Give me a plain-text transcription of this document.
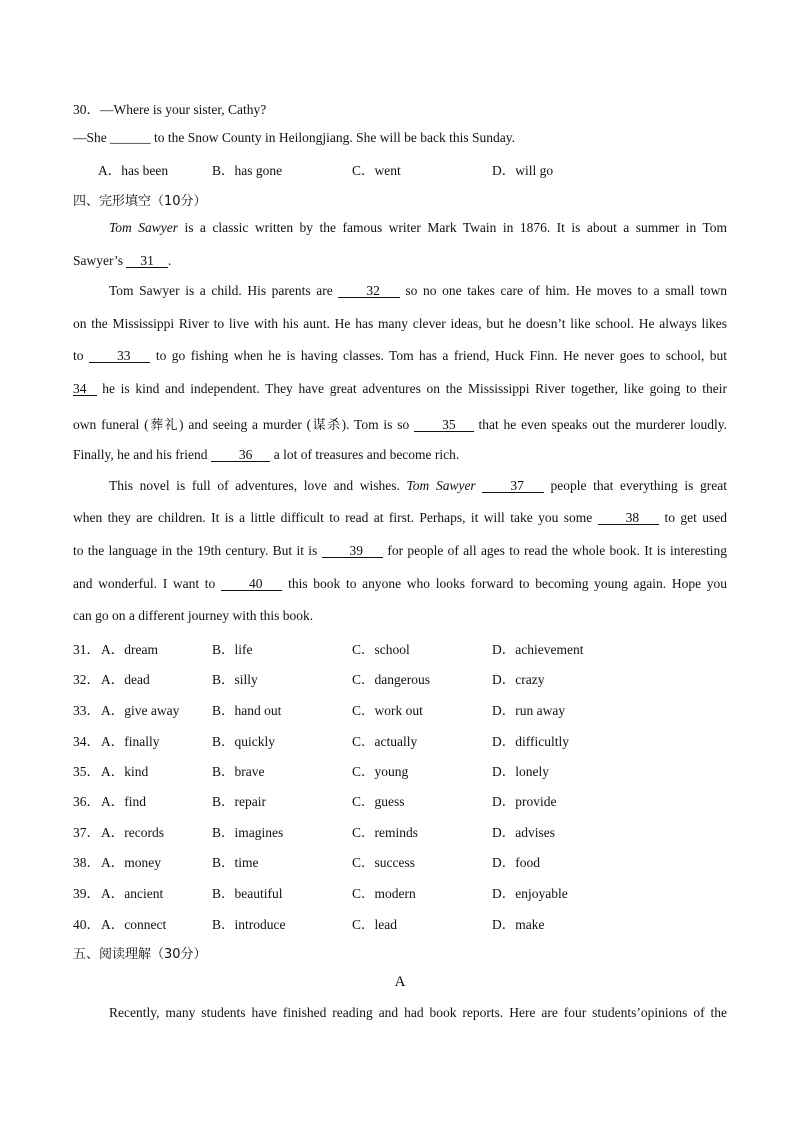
30．—Where is your sister, Cathy?
—She ______ to the Snow County in Heilongjiang. She will be back this Sunday.
A．has been	B．has gone	C．went	D．will go
四、完形填空（10分）
Tom Sawyer is a classic written by the famous writer Mark Twain in 1876. It is about a summer in Tom
Sawyer’s 31 .
Tom Sawyer is a child. His parents are 32 so no one takes care of him. He moves to a small town
on the Mississippi River to live with his aunt. He has many clever ideas, but he doesn’t like school. He always likes
to 33 to go fishing when he is having classes. Tom has a friend, Huck Finn. He never goes to school, but
34 he is kind and independent. They have great adventures on the Mississippi River together, like going to their
own funeral (葬礼) and seeing a murder (谋杀). Tom is so 35 that he even speaks out the murderer loudly.
Finally, he and his friend 36 a lot of treasures and become rich.
This novel is full of adventures, love and wishes. Tom Sawyer	37 people that everything is great
when they are children. It is a little difficult to read at first. Perhaps, it will take you some 38 to get used
to the language in the 19th century. But it is 39 for people of all ages to read the whole book. It is interesting
and wonderful. I want to 40 this book to anyone who looks forward to becoming young again. Hope you
can go on a different journey with this book.
31． A．dream	B．life	C．school	D．achievement
32． A．dead	B．silly	C．dangerous	D．crazy
33． A．give away B．hand out	C．work out	D．run away
34． A．finally	B．quickly	C．actually	D．difficultly
35． A．kind	B．brave	C．young	D．lonely
36． A．find	B．repair	C．guess	D．provide
37． A．records	B．imagines	C．reminds	D．advises
38． A．money	B．time	C．success	D．food
39． A．ancient	B．beautiful	C．modern	D．enjoyable
40． A．connect	B．introduce	C．lead	D．make
五、阅读理解（30分）
A
Recently, many students have finished reading and had book reports. Here are four students’opinions of the
